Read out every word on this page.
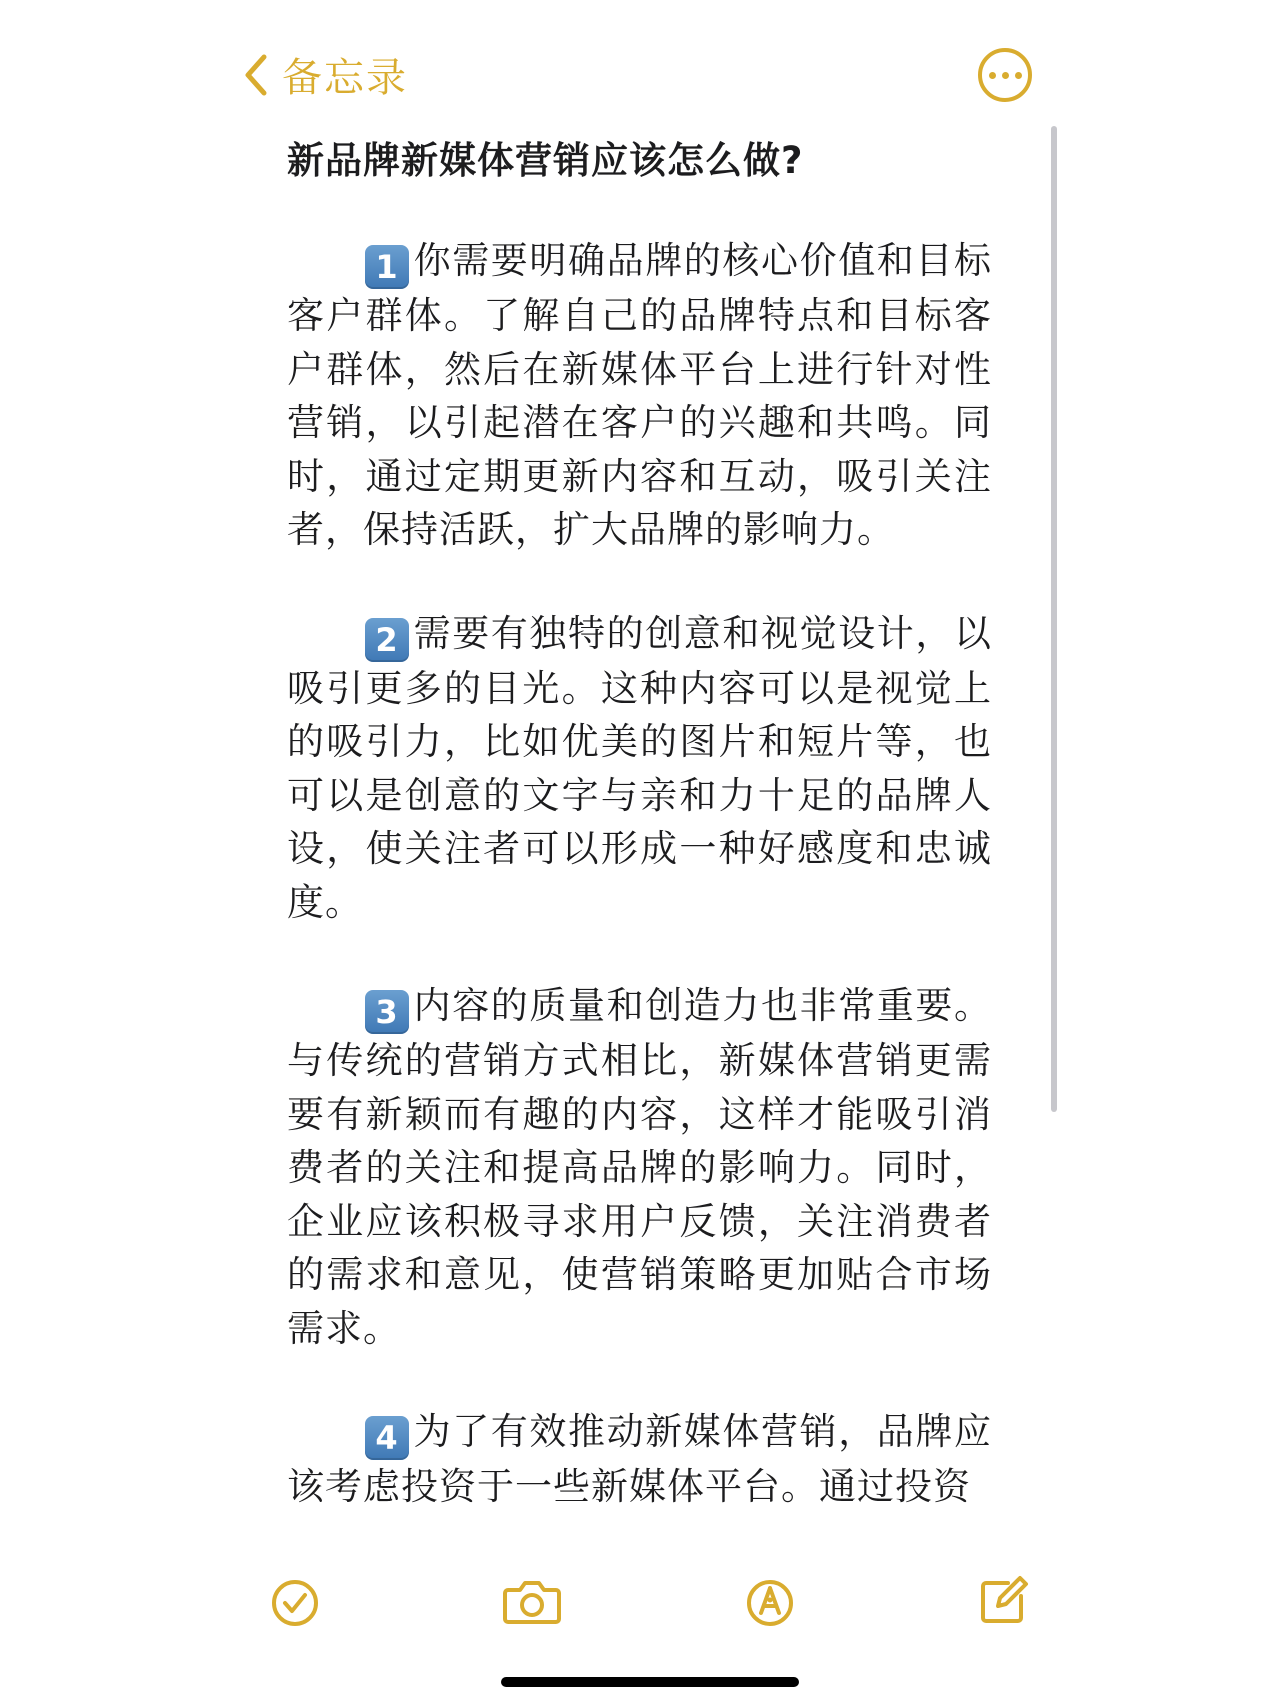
备忘录
新品牌新媒体营销应该怎么做?

1 你需要明确品牌的核心价值和目标客户群体。了解自己的品牌特点和目标客户群体，然后在新媒体平台上进行针对性营销，以引起潜在客户的兴趣和共鸣。同时，通过定期更新内容和互动，吸引关注者，保持活跃，扩大品牌的影响力。

2 需要有独特的创意和视觉设计，以吸引更多的目光。这种内容可以是视觉上的吸引力，比如优美的图片和短片等，也可以是创意的文字与亲和力十足的品牌人设，使关注者可以形成一种好感度和忠诚度。

3 内容的质量和创造力也非常重要。与传统的营销方式相比，新媒体营销更需要有新颖而有趣的内容，这样才能吸引消费者的关注和提高品牌的影响力。同时，企业应该积极寻求用户反馈，关注消费者的需求和意见，使营销策略更加贴合市场需求。

4 为了有效推动新媒体营销，品牌应该考虑投资于一些新媒体平台。通过投资
